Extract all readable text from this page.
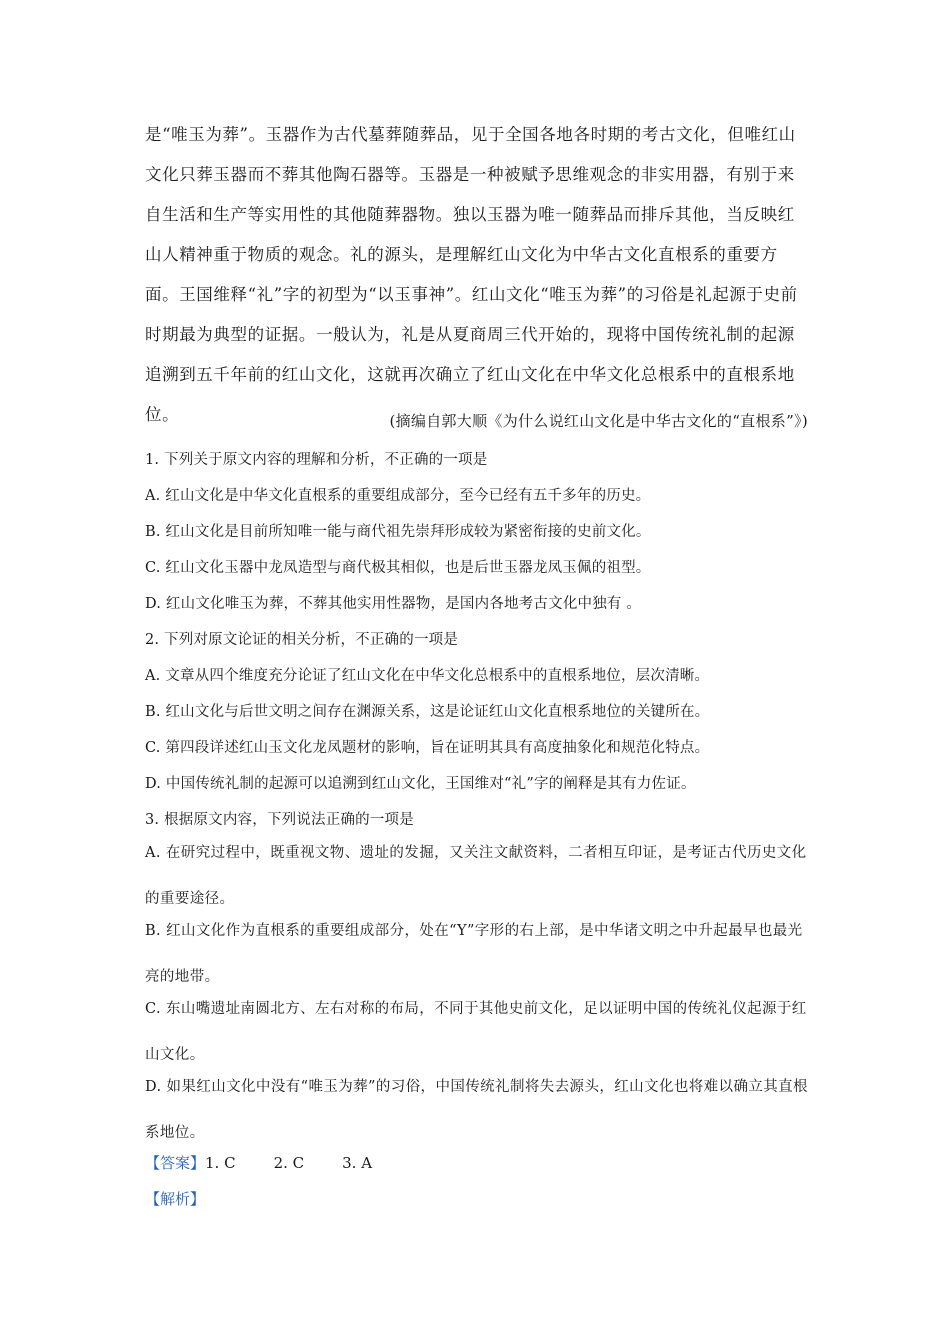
是“唯玉为葬”。玉器作为古代墓葬随葬品，见于全国各地各时期的考古文化，但唯红山文化只葬玉器而不葬其他陶石器等。玉器是一种被赋予思维观念的非实用器，有别于来自生活和生产等实用性的其他随葬器物。独以玉器为唯一随葬品而排斥其他，当反映红山人精神重于物质的观念。礼的源头，是理解红山文化为中华古文化直根系的重要方面。王国维释“礼”字的初型为“以玉事神”。红山文化“唯玉为葬”的习俗是礼起源于史前时期最为典型的证据。一般认为，礼是从夏商周三代开始的，现将中国传统礼制的起源追溯到五千年前的红山文化，这就再次确立了红山文化在中华文化总根系中的直根系地位。	(摘编自郭大顺《为什么说红山文化是中华古文化的“直根系”》)
1. 下列关于原文内容的理解和分析，不正确的一项是
A. 红山文化是中华文化直根系的重要组成部分，至今已经有五千多年的历史。
B. 红山文化是目前所知唯一能与商代祖先崇拜形成较为紧密衔接的史前文化。
C. 红山文化玉器中龙凤造型与商代极其相似，也是后世玉器龙凤玉佩的祖型。
D. 红山文化唯玉为葬，不葬其他实用性器物，是国内各地考古文化中独有 。
2. 下列对原文论证的相关分析，不正确的一项是
A. 文章从四个维度充分论证了红山文化在中华文化总根系中的直根系地位，层次清晰。
B. 红山文化与后世文明之间存在渊源关系，这是论证红山文化直根系地位的关键所在。
C. 第四段详述红山玉文化龙凤题材的影响，旨在证明其具有高度抽象化和规范化特点。
D. 中国传统礼制的起源可以追溯到红山文化，王国维对“礼”字的阐释是其有力佐证。
3. 根据原文内容，下列说法正确的一项是

A. 在研究过程中，既重视文物、遗址的发掘，又关注文献资料，二者相互印证，是考证古代历史文化的重要途径。

B. 红山文化作为直根系的重要组成部分，处在“Y”字形的右上部，是中华诸文明之中升起最早也最光亮的地带。

C. 东山嘴遗址南圆北方、左右对称的布局，不同于其他史前文化，足以证明中国的传统礼仪起源于红山文化。

D. 如果红山文化中没有“唯玉为葬”的习俗，中国传统礼制将失去源头，红山文化也将难以确立其直根系地位。

【答案】1. C	2. C	3. A
【解析】
